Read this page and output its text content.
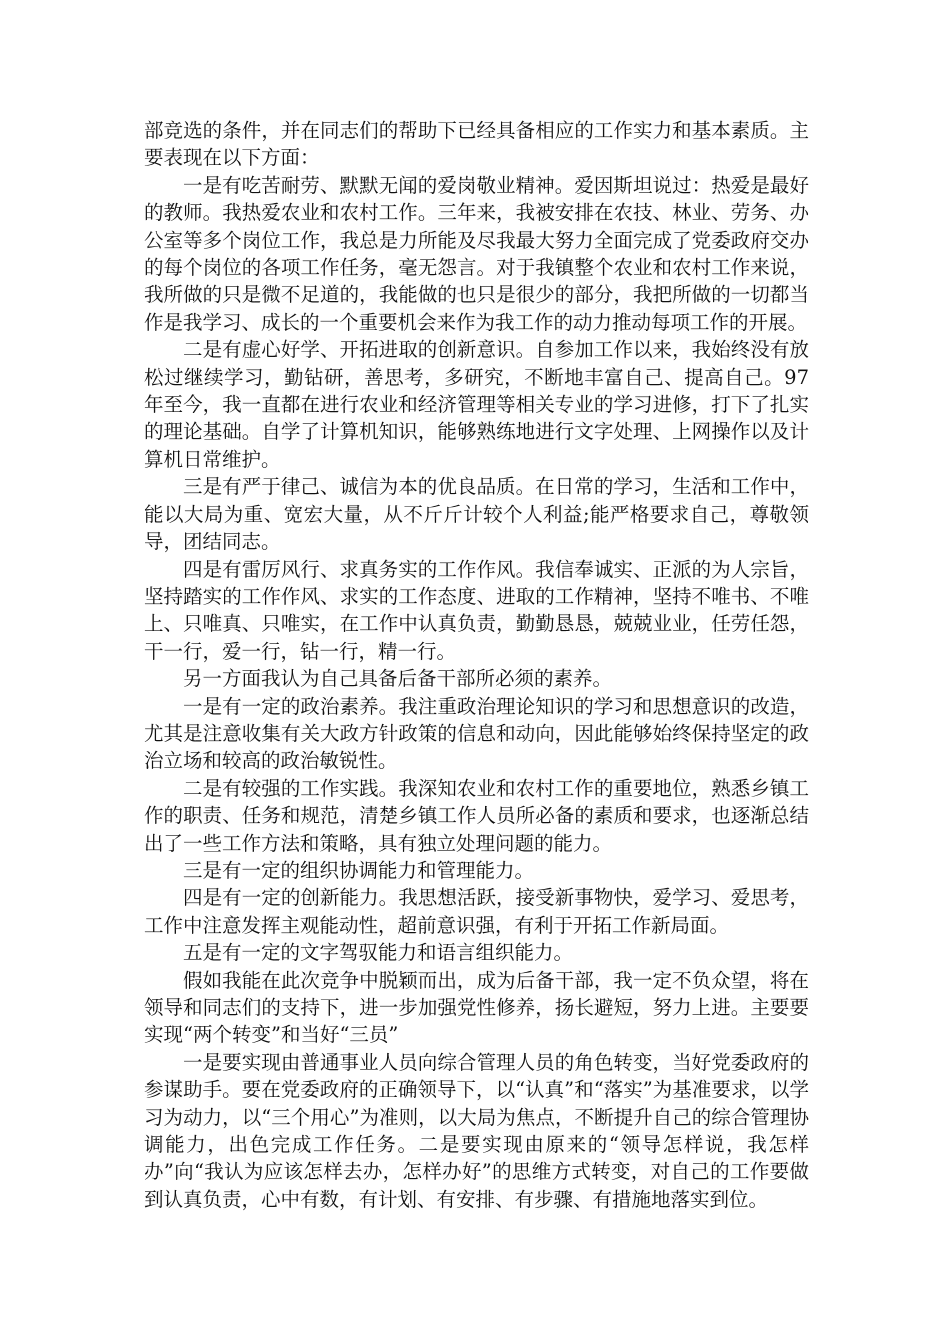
部竞选的条件，并在同志们的帮助下已经具备相应的工作实力和基本素质。主要表现在以下方面：

一是有吃苦耐劳、默默无闻的爱岗敬业精神。爱因斯坦说过：热爱是最好的教师。我热爱农业和农村工作。三年来，我被安排在农技、林业、劳务、办公室等多个岗位工作，我总是力所能及尽我最大努力全面完成了党委政府交办的每个岗位的各项工作任务，毫无怨言。对于我镇整个农业和农村工作来说，我所做的只是微不足道的，我能做的也只是很少的部分，我把所做的一切都当作是我学习、成长的一个重要机会来作为我工作的动力推动每项工作的开展。

二是有虚心好学、开拓进取的创新意识。自参加工作以来，我始终没有放松过继续学习，勤钻研，善思考，多研究，不断地丰富自己、提高自己。97年至今，我一直都在进行农业和经济管理等相关专业的学习进修，打下了扎实的理论基础。自学了计算机知识，能够熟练地进行文字处理、上网操作以及计算机日常维护。

三是有严于律己、诚信为本的优良品质。在日常的学习，生活和工作中，能以大局为重、宽宏大量，从不斤斤计较个人利益;能严格要求自己，尊敬领导，团结同志。

四是有雷厉风行、求真务实的工作作风。我信奉诚实、正派的为人宗旨，坚持踏实的工作作风、求实的工作态度、进取的工作精神，坚持不唯书、不唯上、只唯真、只唯实，在工作中认真负责，勤勤恳恳，兢兢业业，任劳任怨，干一行，爱一行，钻一行，精一行。

另一方面我认为自己具备后备干部所必须的素养。

一是有一定的政治素养。我注重政治理论知识的学习和思想意识的改造，尤其是注意收集有关大政方针政策的信息和动向，因此能够始终保持坚定的政治立场和较高的政治敏锐性。

二是有较强的工作实践。我深知农业和农村工作的重要地位，熟悉乡镇工作的职责、任务和规范，清楚乡镇工作人员所必备的素质和要求，也逐渐总结出了一些工作方法和策略，具有独立处理问题的能力。

三是有一定的组织协调能力和管理能力。

四是有一定的创新能力。我思想活跃，接受新事物快，爱学习、爱思考，工作中注意发挥主观能动性，超前意识强，有利于开拓工作新局面。

五是有一定的文字驾驭能力和语言组织能力。

假如我能在此次竞争中脱颖而出，成为后备干部，我一定不负众望，将在领导和同志们的支持下，进一步加强党性修养，扬长避短，努力上进。主要要实现“两个转变”和当好“三员”

一是要实现由普通事业人员向综合管理人员的角色转变，当好党委政府的参谋助手。要在党委政府的正确领导下，以“认真”和“落实”为基准要求，以学习为动力，以“三个用心”为准则，以大局为焦点，不断提升自己的综合管理协调能力，出色完成工作任务。二是要实现由原来的“领导怎样说，我怎样办”向“我认为应该怎样去办，怎样办好”的思维方式转变，对自己的工作要做到认真负责，心中有数，有计划、有安排、有步骤、有措施地落实到位。
